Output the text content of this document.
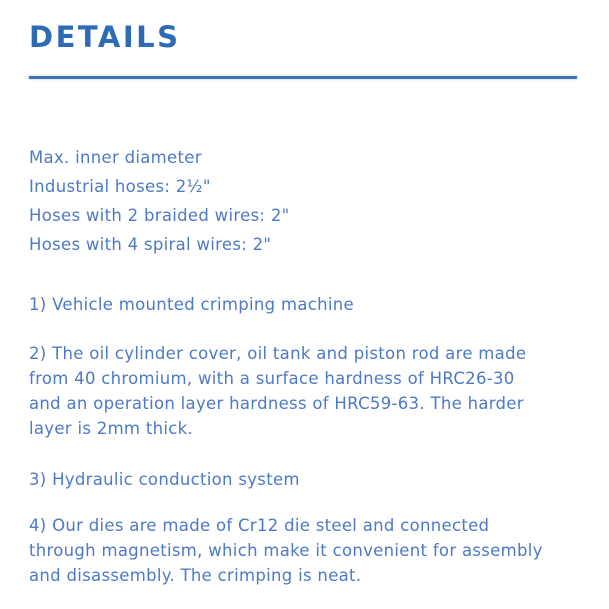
DETAILS
Max. inner diameter
Industrial hoses: 2½"
Hoses with 2 braided wires: 2"
Hoses with 4 spiral wires: 2"
1) Vehicle mounted crimping machine
2) The oil cylinder cover, oil tank and piston rod are made
from 40 chromium, with a surface hardness of HRC26-30
and an operation layer hardness of HRC59-63. The harder
layer is 2mm thick.
3) Hydraulic conduction system
4) Our dies are made of Cr12 die steel and connected
through magnetism, which make it convenient for assembly
and disassembly. The crimping is neat.
